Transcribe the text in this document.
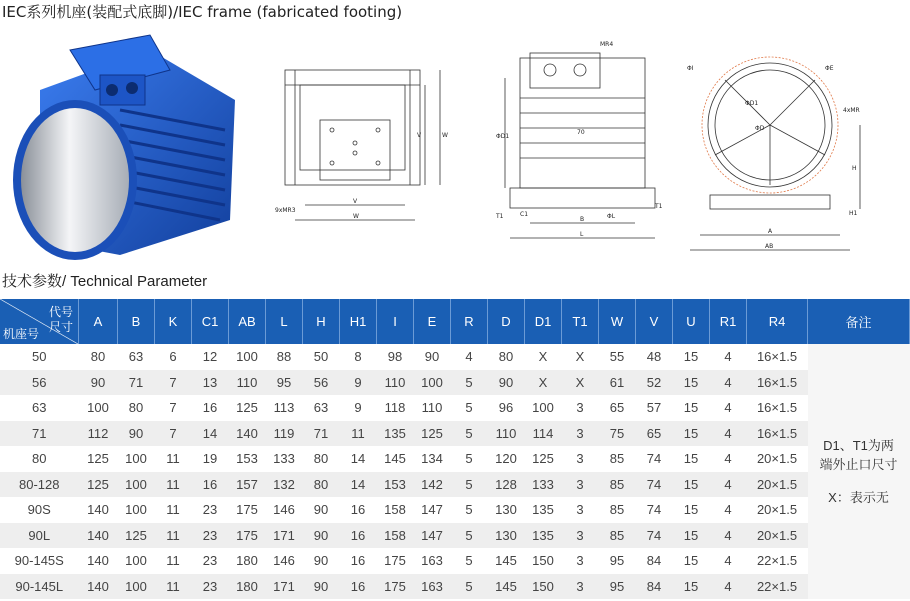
IEC系列机座(装配式底脚)/IEC frame (fabricated footing)
V	W
V
W
9xMR3
MR4
ΦD1
70
ΦL
T1
T1
C1
B
L
ΦI	ΦE
ΦD1
ΦD
4xMR
H
H1
A
AB
技术参数/ Technical Parameter
代号
尺寸
机座号	A	B	K	C1	AB	L	H	H1	I	E	R	D	D1	T1	W	V	U	R1	R4	备注
50	80	63	6	12	100	88	50	8	98	90	4	80	X	X	55	48	15	4	16×1.5	D1、T1为两
端外止口尺寸
X：表示无

56	90	71	7	13	110	95	56	9	110	100	5	90	X	X	61	52	15	4	16×1.5	
63	100	80	7	16	125	113	63	9	118	110	5	96	100	3	65	57	15	4	16×1.5	
71	112	90	7	14	140	119	71	11	135	125	5	110	114	3	75	65	15	4	16×1.5	
80	125	100	11	19	153	133	80	14	145	134	5	120	125	3	85	74	15	4	20×1.5	
80-128	125	100	11	16	157	132	80	14	153	142	5	128	133	3	85	74	15	4	20×1.5	
90S	140	100	11	23	175	146	90	16	158	147	5	130	135	3	85	74	15	4	20×1.5	
90L	140	125	11	23	175	171	90	16	158	147	5	130	135	3	85	74	15	4	20×1.5	
90-145S	140	100	11	23	180	146	90	16	175	163	5	145	150	3	95	84	15	4	22×1.5	
90-145L	140	100	11	23	180	171	90	16	175	163	5	145	150	3	95	84	15	4	22×1.5	
